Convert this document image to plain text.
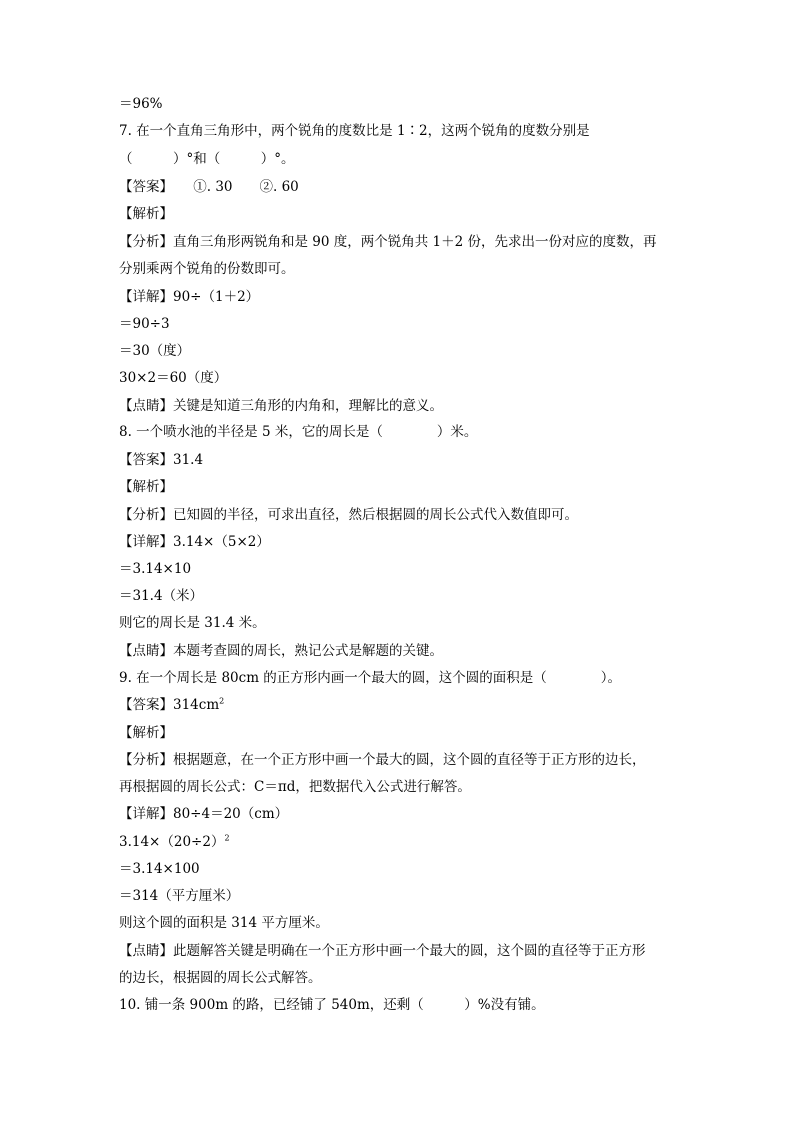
＝96%
7. 在一个直角三角形中，两个锐角的度数比是 1∶2，这两个锐角的度数分别是
（　　　）°和（　　　）°。
【答案】　　①. 30　　②. 60
【解析】
【分析】直角三角形两锐角和是 90 度，两个锐角共 1＋2 份，先求出一份对应的度数，再
分别乘两个锐角的份数即可。
【详解】90÷（1＋2）
＝90÷3
＝30（度）
30×2＝60（度）
【点睛】关键是知道三角形的内角和，理解比的意义。
8. 一个喷水池的半径是 5 米，它的周长是（　　　　）米。
【答案】31.4
【解析】
【分析】已知圆的半径，可求出直径，然后根据圆的周长公式代入数值即可。
【详解】3.14×（5×2）
＝3.14×10
＝31.4（米）
则它的周长是 31.4 米。
【点睛】本题考查圆的周长，熟记公式是解题的关键。
9. 在一个周长是 80cm 的正方形内画一个最大的圆，这个圆的面积是（　　　　）。
【答案】$314cm^2$
【解析】
【分析】根据题意，在一个正方形中画一个最大的圆，这个圆的直径等于正方形的边长，
再根据圆的周长公式：C＝πd，把数据代入公式进行解答。
【详解】80÷4＝20（cm）
$3.14\times(20\div 2)^2$
＝3.14×100
＝314（平方厘米）
则这个圆的面积是 314 平方厘米。
【点睛】此题解答关键是明确在一个正方形中画一个最大的圆，这个圆的直径等于正方形
的边长，根据圆的周长公式解答。
10. 铺一条 900m 的路，已经铺了 540m，还剩（　　　）%没有铺。
